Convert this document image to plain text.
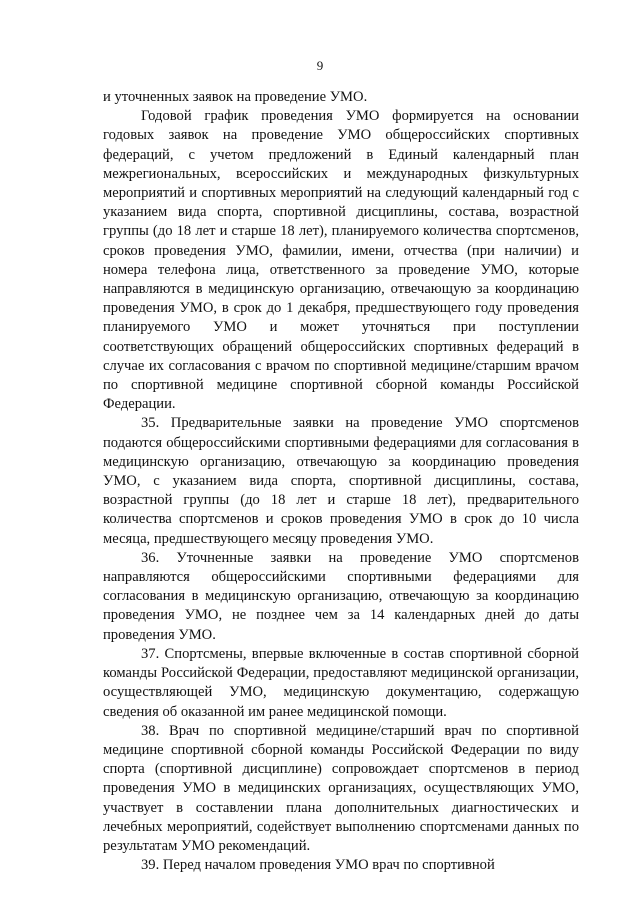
9

и уточненных заявок на проведение УМО.

Годовой график проведения УМО формируется на основании годовых заявок на проведение УМО общероссийских спортивных федераций, с учетом предложений в Единый календарный план межрегиональных, всероссийских и международных физкультурных мероприятий и спортивных мероприятий на следующий календарный год с указанием вида спорта, спортивной дисциплины, состава, возрастной группы (до 18 лет и старше 18 лет), планируемого количества спортсменов, сроков проведения УМО, фамилии, имени, отчества (при наличии) и номера телефона лица, ответственного за проведение УМО, которые направляются в медицинскую организацию, отвечающую за координацию проведения УМО, в срок до 1 декабря, предшествующего году проведения планируемого УМО и может уточняться при поступлении соответствующих обращений общероссийских спортивных федераций в случае их согласования с врачом по спортивной медицине/старшим врачом по спортивной медицине спортивной сборной команды Российской Федерации.

35. Предварительные заявки на проведение УМО спортсменов подаются общероссийскими спортивными федерациями для согласования в медицинскую организацию, отвечающую за координацию проведения УМО, с указанием вида спорта, спортивной дисциплины, состава, возрастной группы (до 18 лет и старше 18 лет), предварительного количества спортсменов и сроков проведения УМО в срок до 10 числа месяца, предшествующего месяцу проведения УМО.

36. Уточненные заявки на проведение УМО спортсменов направляются общероссийскими спортивными федерациями для согласования в медицинскую организацию, отвечающую за координацию проведения УМО, не позднее чем за 14 календарных дней до даты проведения УМО.

37. Спортсмены, впервые включенные в состав спортивной сборной команды Российской Федерации, предоставляют медицинской организации, осуществляющей УМО, медицинскую документацию, содержащую сведения об оказанной им ранее медицинской помощи.

38. Врач по спортивной медицине/старший врач по спортивной медицине спортивной сборной команды Российской Федерации по виду спорта (спортивной дисциплине) сопровождает спортсменов в период проведения УМО в медицинских организациях, осуществляющих УМО, участвует в составлении плана дополнительных диагностических и лечебных мероприятий, содействует выполнению спортсменами данных по результатам УМО рекомендаций.

39. Перед началом проведения УМО врач по спортивной
